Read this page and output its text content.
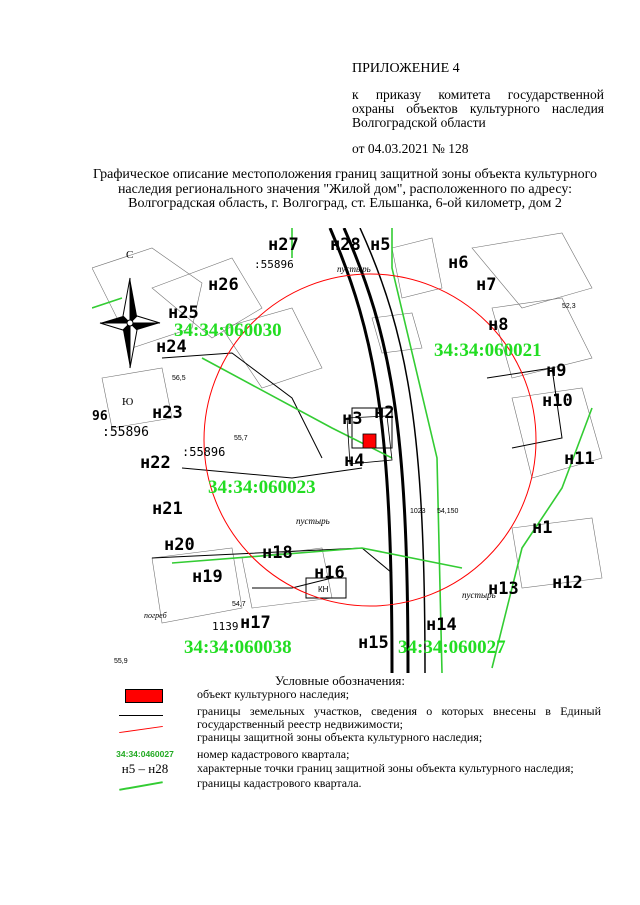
ПРИЛОЖЕНИЕ 4
к приказу комитета государственной охраны объектов культурного наследия Волгоградской области
от 04.03.2021 № 128
Графическое описание местоположения границ защитной зоны объекта культурного наследия регионального значения "Жилой дом", расположенного по адресу: Волгоградская область, г. Волгоград, ст. Ельшанка, 6-ой километр, дом 2
С
Ю
пустырь
пустырь
пустырь
:55896
:55896
:55896
погреб
КН
56,5
55,7
54,7
55,9
52,3
96
1139
1023 54,150
34:34:060030
34:34:060021
34:34:060023
34:34:060038	34:34:060027
н1
н2
н3
н4
н5
н6
н7
н8
н9
н10
н11
н12
н13
н14
н15
н16
н17
н18
н19
н20
н21
н22
н23
н24
н25
н26
н27 н28
Условные обозначения:
объект культурного наследия;
границы земельных участков, сведения о которых внесены в Единый государственный реестр недвижимости;
границы защитной зоны объекта культурного наследия;
34:34:0460027	номер кадастрового квартала;
н5 – н28	характерные точки границ защитной зоны объекта культурного наследия;
границы кадастрового квартала.
